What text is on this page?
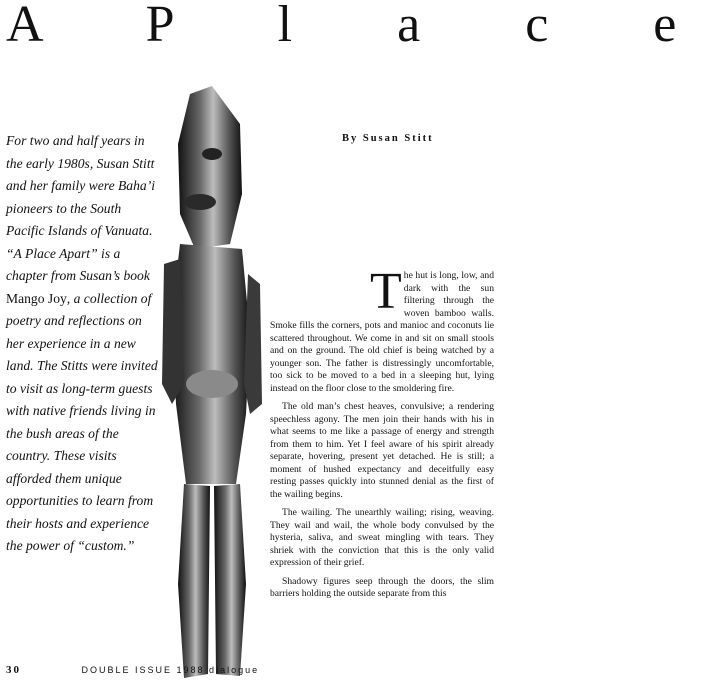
A P l a c e
For two and half years in the early 1980s, Susan Stitt and her family were Baha’i pioneers to the South Pacific Islands of Vanuata. “A Place Apart” is a chapter from Susan’s book Mango Joy, a collection of poetry and reflections on her experience in a new land. The Stitts were invited to visit as long-term guests with native friends living in the bush areas of the country. These visits afforded them unique opportunities to learn from their hosts and experience the power of “custom.”
By Susan Stitt

The hut is long, low, and dark with the sun filtering through the woven bamboo walls. Smoke fills the corners, pots and manioc and coconuts lie scattered throughout. We come in and sit on small stools and on the ground. The old chief is being watched by a younger son. The father is distressingly uncomfortable, too sick to be moved to a bed in a sleeping hut, lying instead on the floor close to the smoldering fire.

The old man’s chest heaves, convulsive; a rendering speechless agony. The men join their hands with his in what seems to me like a passage of energy and strength from them to him. Yet I feel aware of his spirit already separate, hovering, present yet detached. He is still; a moment of hushed expectancy and deceitfully easy resting passes quickly into stunned denial as the first of the wailing begins.

The wailing. The unearthly wailing; rising, weaving. They wail and wail, the whole body convulsed by the hysteria, saliva, and sweat mingling with tears. They shriek with the conviction that this is the only valid expression of their grief.

Shadowy figures seep through the doors, the slim barriers holding the outside separate from this

30	DOUBLE ISSUE 1988 dialogue
